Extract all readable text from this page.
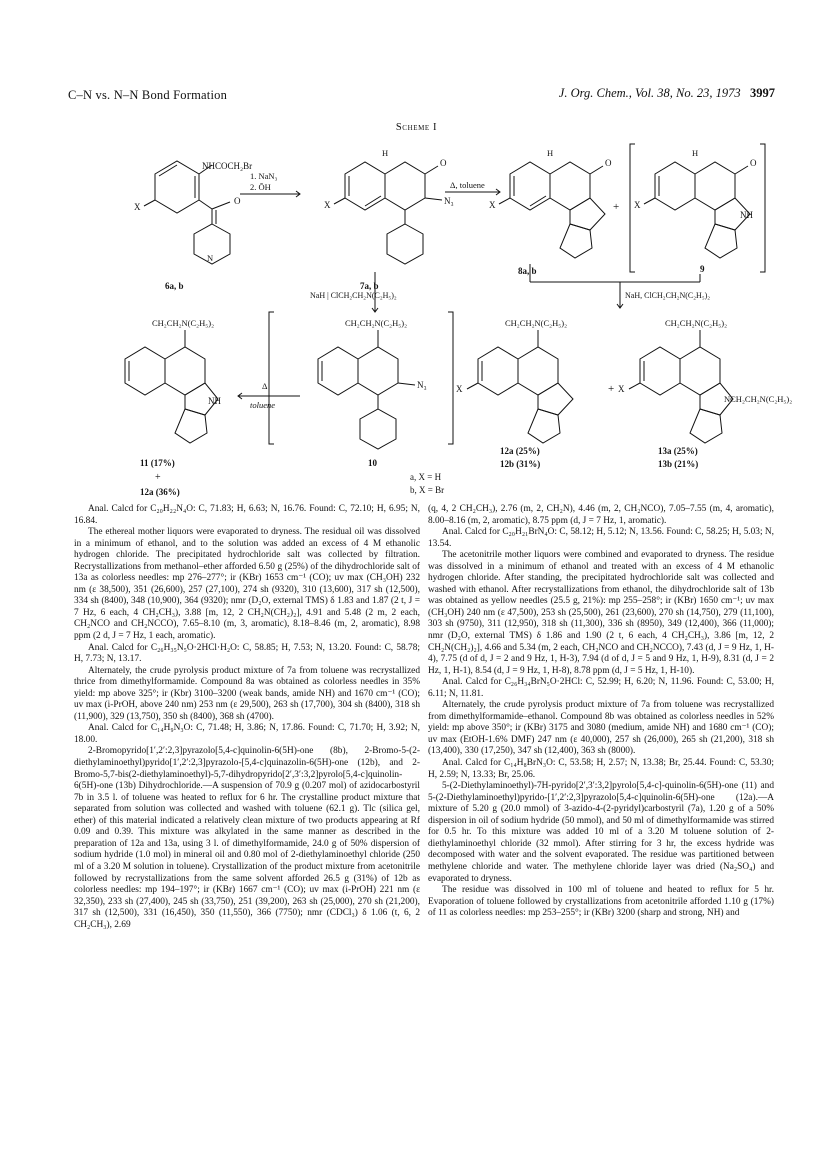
C–N vs. N–N Bond Formation	J. Org. Chem., Vol. 38, No. 23, 1973 3997
Scheme I
NHCOCH₂Br
O
N
X
6a, b
1. NaN₃
2. ŌH
H
O
N₃
X
7a, b
Δ, toluene
H
O
X	+
8a, b
H
O
NH
X
9
NaH | ClCH₂CH₂N(C₂H₅)₂	NaH, ClCH₂CH₂N(C₂H₅)₂
CH₂CH₂N(C₂H₅)₂
NH
11 (17%)
+
12a (36%)
Δ
toluene
CH₂CH₂N(C₂H₅)₂
N₃
10
CH₂CH₂N(C₂H₅)₂
X
12a (25%)
12b (31%)
+ X
CH₂CH₂N(C₂H₅)₂
NCH₂CH₂N(C₂H₅)₂
13a (25%)
13b (21%)
a, X = H
b, X = Br

Anal. Calcd for C₂₀H₂₂N₄O: C, 71.83; H, 6.63; N, 16.76. Found: C, 72.10; H, 6.95; N, 16.84.

The ethereal mother liquors were evaporated to dryness. The residual oil was dissolved in a minimum of ethanol, and to the solution was added an excess of 4 M ethanolic hydrogen chloride. The precipitated hydrochloride salt was collected by filtration. Recrystallizations from methanol–ether afforded 6.50 g (25%) of the dihydrochloride salt of 13a as colorless needles: mp 276–277°; ir (KBr) 1653 cm⁻¹ (CO); uv max (CH₃OH) 232 nm (ε 38,500), 351 (26,600), 257 (27,100), 274 sh (9320), 310 (13,600), 317 sh (12,500), 334 sh (8400), 348 (10,900), 364 (9320); nmr (D₂O, external TMS) δ 1.83 and 1.87 (2 t, J = 7 Hz, 6 each, 4 CH₂CH₃), 3.88 [m, 12, 2 CH₂N(CH₂)₂], 4.91 and 5.48 (2 m, 2 each, CH₂NCO and CH₂NCCO), 7.65–8.10 (m, 3, aromatic), 8.18–8.46 (m, 2, aromatic), 8.98 ppm (2 d, J = 7 Hz, 1 each, aromatic).

Anal. Calcd for C₂₆H₃₅N₅O·2HCl·H₂O: C, 58.85; H, 7.53; N, 13.20. Found: C, 58.78; H, 7.73; N, 13.17.

Alternately, the crude pyrolysis product mixture of 7a from toluene was recrystallized thrice from dimethylformamide. Compound 8a was obtained as colorless needles in 35% yield: mp above 325°; ir (Kbr) 3100–3200 (weak bands, amide NH) and 1670 cm⁻¹ (CO); uv max (i-PrOH, above 240 nm) 253 nm (ε 29,500), 263 sh (17,700), 304 sh (8400), 318 sh (11,900), 329 (13,750), 350 sh (8400), 368 sh (4700).

Anal. Calcd for C₁₄H₉N₃O: C, 71.48; H, 3.86; N, 17.86. Found: C, 71.70; H, 3.92; N, 18.00.

2-Bromopyrido[1′,2′:2,3]pyrazolo[5,4-c]quinolin-6(5H)-one (8b), 2-Bromo-5-(2-diethylaminoethyl)pyrido[1′,2′:2,3]pyrazolo-[5,4-c]quinazolin-6(5H)-one (12b), and 2-Bromo-5,7-bis(2-diethylaminoethyl)-5,7-dihydropyrido[2′,3′:3,2]pyrolo[5,4-c]quinolin-6(5H)-one (13b) Dihydrochloride.—A suspension of 70.9 g (0.207 mol) of azidocarbostyril 7b in 3.5 l. of toluene was heated to reflux for 6 hr. The crystalline product mixture that separated from solution was collected and washed with toluene (62.1 g). Tlc (silica gel, ether) of this material indicated a relatively clean mixture of two products appearing at Rf 0.09 and 0.39. This mixture was alkylated in the same manner as described in the preparation of 12a and 13a, using 3 l. of dimethylformamide, 24.0 g of 50% dispersion of sodium hydride (1.0 mol) in mineral oil and 0.80 mol of 2-diethylaminoethyl chloride (250 ml of a 3.20 M solution in toluene). Crystallization of the product mixture from acetonitrile followed by recrystallizations from the same solvent afforded 26.5 g (31%) of 12b as colorless needles: mp 194–197°; ir (KBr) 1667 cm⁻¹ (CO); uv max (i-PrOH) 221 nm (ε 32,350), 233 sh (27,400), 245 sh (33,750), 251 (39,200), 263 sh (25,000), 270 sh (21,200), 317 sh (12,500), 331 (16,450), 350 (11,550), 366 (7750); nmr (CDCl₃) δ 1.06 (t, 6, 2 CH₂CH₃), 2.69

(q, 4, 2 CH₂CH₃), 2.76 (m, 2, CH₂N), 4.46 (m, 2, CH₂NCO), 7.05–7.55 (m, 4, aromatic), 8.00–8.16 (m, 2, aromatic), 8.75 ppm (d, J = 7 Hz, 1, aromatic).

Anal. Calcd for C₂₀H₂₁BrN₄O: C, 58.12; H, 5.12; N, 13.56. Found: C, 58.25; H, 5.03; N, 13.54.

The acetonitrile mother liquors were combined and evaporated to dryness. The residue was dissolved in a minimum of ethanol and treated with an excess of 4 M ethanolic hydrogen chloride. After standing, the precipitated hydrochloride salt was collected and washed with ethanol. After recrystallizations from ethanol, the dihydrochloride salt of 13b was obtained as yellow needles (25.5 g, 21%): mp 255–258°; ir (KBr) 1650 cm⁻¹; uv max (CH₃OH) 240 nm (ε 47,500), 253 sh (25,500), 261 (23,600), 270 sh (14,750), 279 (11,100), 303 sh (9750), 311 (12,950), 318 sh (11,300), 336 sh (8950), 349 (12,400), 366 (11,000); nmr (D₂O, external TMS) δ 1.86 and 1.90 (2 t, 6 each, 4 CH₂CH₃), 3.86 [m, 12, 2 CH₂N(CH₂)₂], 4.66 and 5.34 (m, 2 each, CH₂NCO and CH₂NCCO), 7.43 (d, J = 9 Hz, 1, H-4), 7.75 (d of d, J = 2 and 9 Hz, 1, H-3), 7.94 (d of d, J = 5 and 9 Hz, 1, H-9), 8.31 (d, J = 2 Hz, 1, H-1), 8.54 (d, J = 9 Hz, 1, H-8), 8.78 ppm (d, J = 5 Hz, 1, H-10).

Anal. Calcd for C₂₆H₃₄BrN₅O·2HCl: C, 52.99; H, 6.20; N, 11.96. Found: C, 53.00; H, 6.11; N, 11.81.

Alternately, the crude pyrolysis product mixture of 7a from toluene was recrystallized from dimethylformamide–ethanol. Compound 8b was obtained as colorless needles in 52% yield: mp above 350°; ir (KBr) 3175 and 3080 (medium, amide NH) and 1680 cm⁻¹ (CO); uv max (EtOH-1.6% DMF) 247 nm (ε 40,000), 257 sh (26,000), 265 sh (21,200), 318 sh (13,400), 330 (17,250), 347 sh (12,400), 363 sh (8000).

Anal. Calcd for C₁₄H₈BrN₃O: C, 53.58; H, 2.57; N, 13.38; Br, 25.44. Found: C, 53.30; H, 2.59; N, 13.33; Br, 25.06.

5-(2-Diethylaminoethyl)-7H-pyrido[2′,3′:3,2]pyrolo[5,4-c]-quinolin-6(5H)-one (11) and 5-(2-Diethylaminoethyl)pyrido-[1′,2′:2,3]pyrazolo[5,4-c]quinolin-6(5H)-one (12a).—A mixture of 5.20 g (20.0 mmol) of 3-azido-4-(2-pyridyl)carbostyril (7a), 1.20 g of a 50% dispersion in oil of sodium hydride (50 mmol), and 50 ml of dimethylformamide was stirred for 0.5 hr. To this mixture was added 10 ml of a 3.20 M toluene solution of 2-diethylaminoethyl chloride (32 mmol). After stirring for 3 hr, the excess hydride was decomposed with water and the solvent evaporated. The residue was partitioned between methylene chloride and water. The methylene chloride layer was dried (Na₂SO₄) and evaporated to dryness.

The residue was dissolved in 100 ml of toluene and heated to reflux for 5 hr. Evaporation of toluene followed by crystallizations from acetonitrile afforded 1.10 g (17%) of 11 as colorless needles: mp 253–255°; ir (KBr) 3200 (sharp and strong, NH) and
